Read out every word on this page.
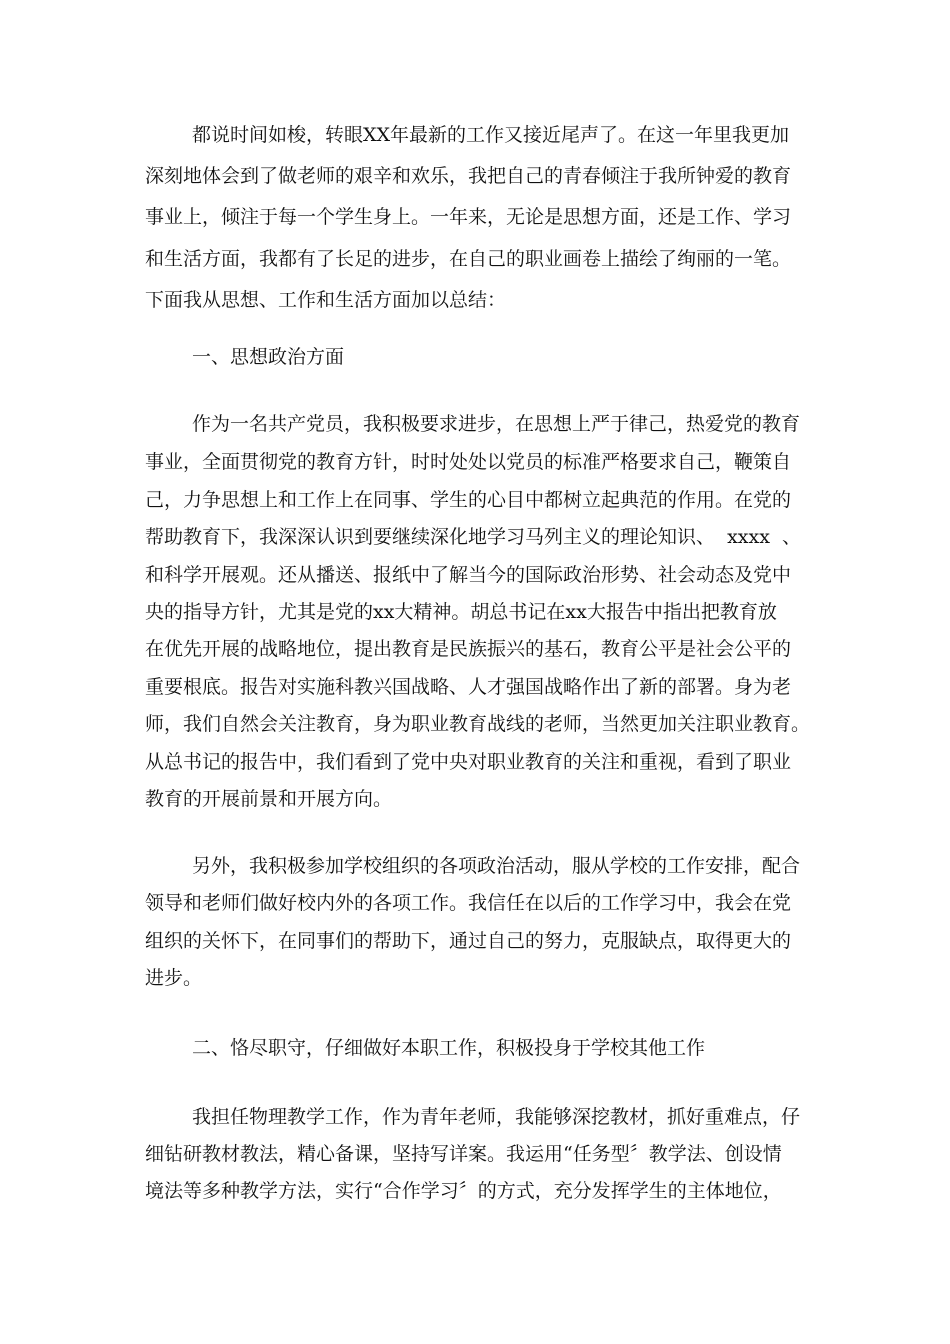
都说时间如梭，转眼XX年最新的工作又接近尾声了。在这一年里我更加
深刻地体会到了做老师的艰辛和欢乐，我把自己的青春倾注于我所钟爱的教育
事业上，倾注于每一个学生身上。一年来，无论是思想方面，还是工作、学习
和生活方面，我都有了长足的进步，在自己的职业画卷上描绘了绚丽的一笔。
下面我从思想、工作和生活方面加以总结：
一、思想政治方面
作为一名共产党员，我积极要求进步，在思想上严于律己，热爱党的教育
事业，全面贯彻党的教育方针，时时处处以党员的标准严格要求自己，鞭策自
己，力争思想上和工作上在同事、学生的心目中都树立起典范的作用。在党的
帮助教育下，我深深认识到要继续深化地学习马列主义的理论知识、  xxxx  、
和科学开展观。还从播送、报纸中了解当今的国际政治形势、社会动态及党中
央的指导方针，尤其是党的xx大精神。胡总书记在xx大报告中指出把教育放
在优先开展的战略地位，提出教育是民族振兴的基石，教育公平是社会公平的
重要根底。报告对实施科教兴国战略、人才强国战略作出了新的部署。身为老
师，我们自然会关注教育，身为职业教育战线的老师，当然更加关注职业教育。
从总书记的报告中，我们看到了党中央对职业教育的关注和重视，看到了职业
教育的开展前景和开展方向。
另外，我积极参加学校组织的各项政治活动，服从学校的工作安排，配合
领导和老师们做好校内外的各项工作。我信任在以后的工作学习中，我会在党
组织的关怀下，在同事们的帮助下，通过自己的努力，克服缺点，取得更大的
进步。
二、恪尽职守，仔细做好本职工作，积极投身于学校其他工作
我担任物理教学工作，作为青年老师，我能够深挖教材，抓好重难点，仔
细钻研教材教法，精心备课，坚持写详案。我运用“任务型〞教学法、创设情
境法等多种教学方法，实行“合作学习〞的方式，充分发挥学生的主体地位，
